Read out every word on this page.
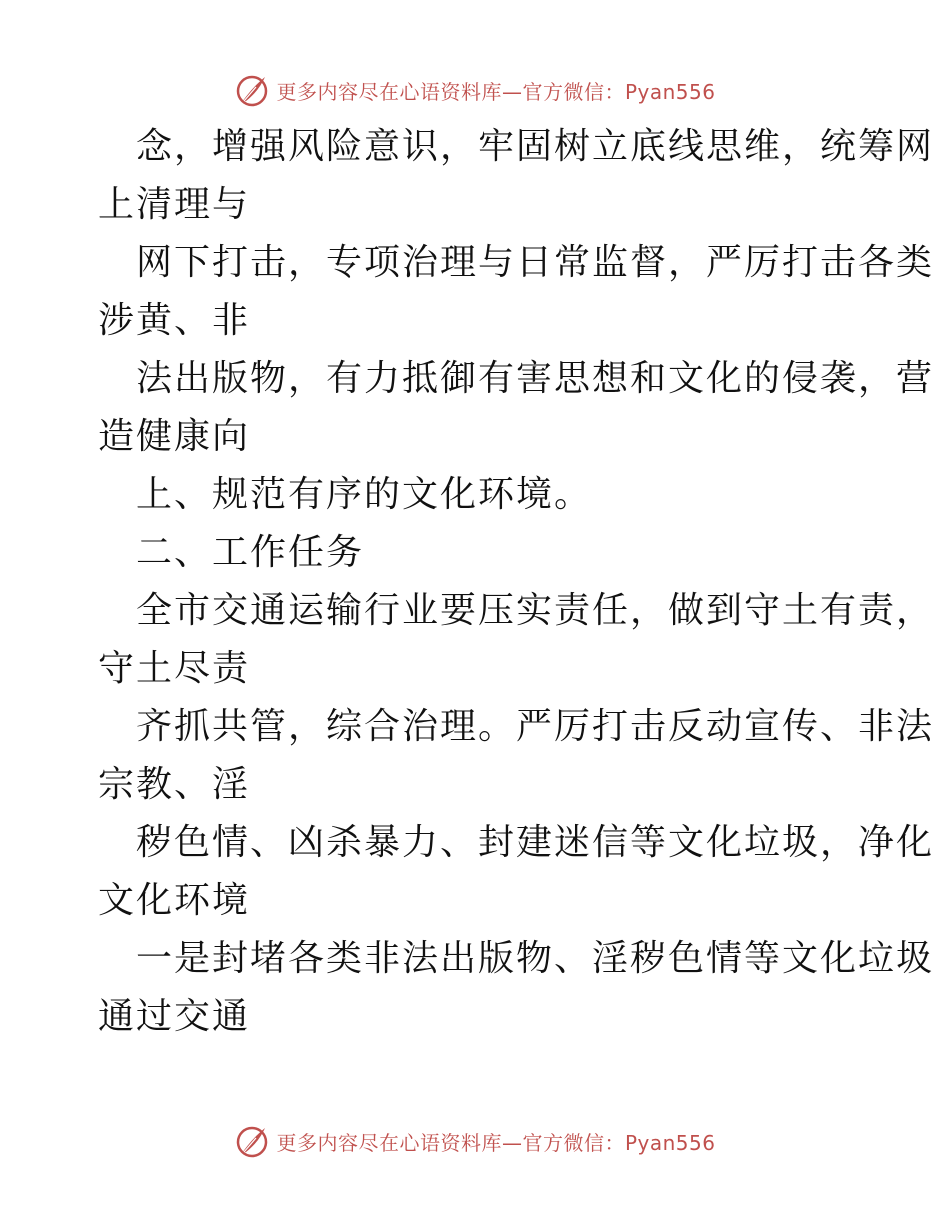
更多内容尽在心语资料库—官方微信：Pyan556

念，增强风险意识，牢固树立底线思维，统筹网

上清理与

网下打击，专项治理与日常监督，严厉打击各类

涉黄、非

法出版物，有力抵御有害思想和文化的侵袭，营

造健康向

上、规范有序的文化环境。

二、工作任务

全市交通运输行业要压实责任，做到守土有责，

守土尽责

齐抓共管，综合治理。严厉打击反动宣传、非法

宗教、淫

秽色情、凶杀暴力、封建迷信等文化垃圾，净化

文化环境

一是封堵各类非法出版物、淫秽色情等文化垃圾

通过交通

更多内容尽在心语资料库—官方微信：Pyan556
